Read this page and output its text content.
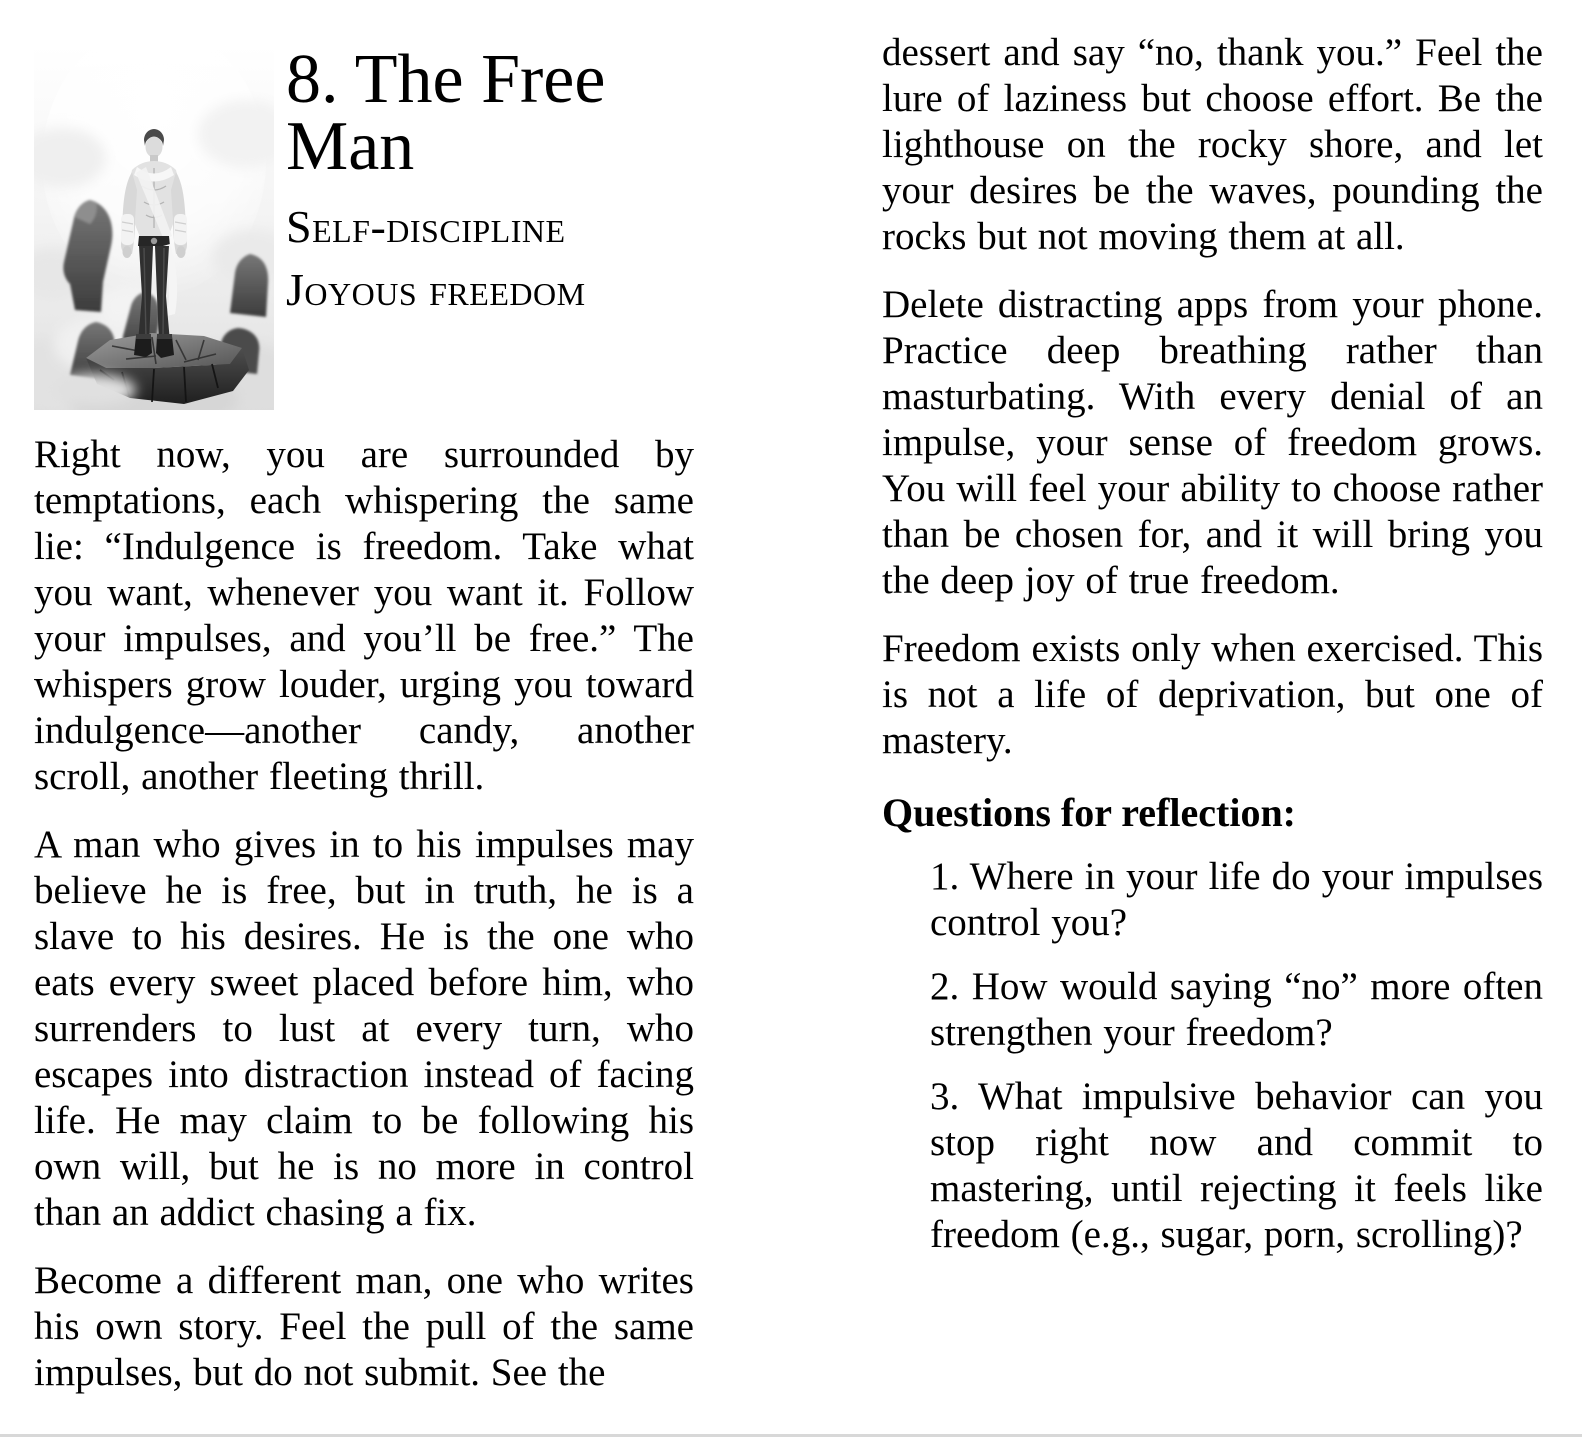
8. The Free Man
Self-discipline
Joyous freedom

Right now, you are surrounded by temptations, each whispering the same lie: “Indulgence is freedom. Take what you want, whenever you want it. Follow your impulses, and you’ll be free.” The whispers grow louder, urging you toward indulgence—another candy, another scroll, another fleeting thrill.

A man who gives in to his impulses may believe he is free, but in truth, he is a slave to his desires. He is the one who eats every sweet placed before him, who surrenders to lust at every turn, who escapes into distraction instead of facing life. He may claim to be following his own will, but he is no more in control than an addict chasing a fix.

Become a different man, one who writes his own story. Feel the pull of the same impulses, but do not submit. See the

dessert and say “no, thank you.” Feel the lure of laziness but choose effort. Be the lighthouse on the rocky shore, and let your desires be the waves, pounding the rocks but not moving them at all.

Delete distracting apps from your phone. Practice deep breathing rather than masturbating. With every denial of an impulse, your sense of freedom grows. You will feel your ability to choose rather than be chosen for, and it will bring you the deep joy of true freedom.

Freedom exists only when exercised. This is not a life of deprivation, but one of mastery.

Questions for reflection:

1. Where in your life do your impulses control you?

2. How would saying “no” more often strengthen your freedom?

3. What impulsive behavior can you stop right now and commit to mastering, until rejecting it feels like freedom (e.g., sugar, porn, scrolling)?
